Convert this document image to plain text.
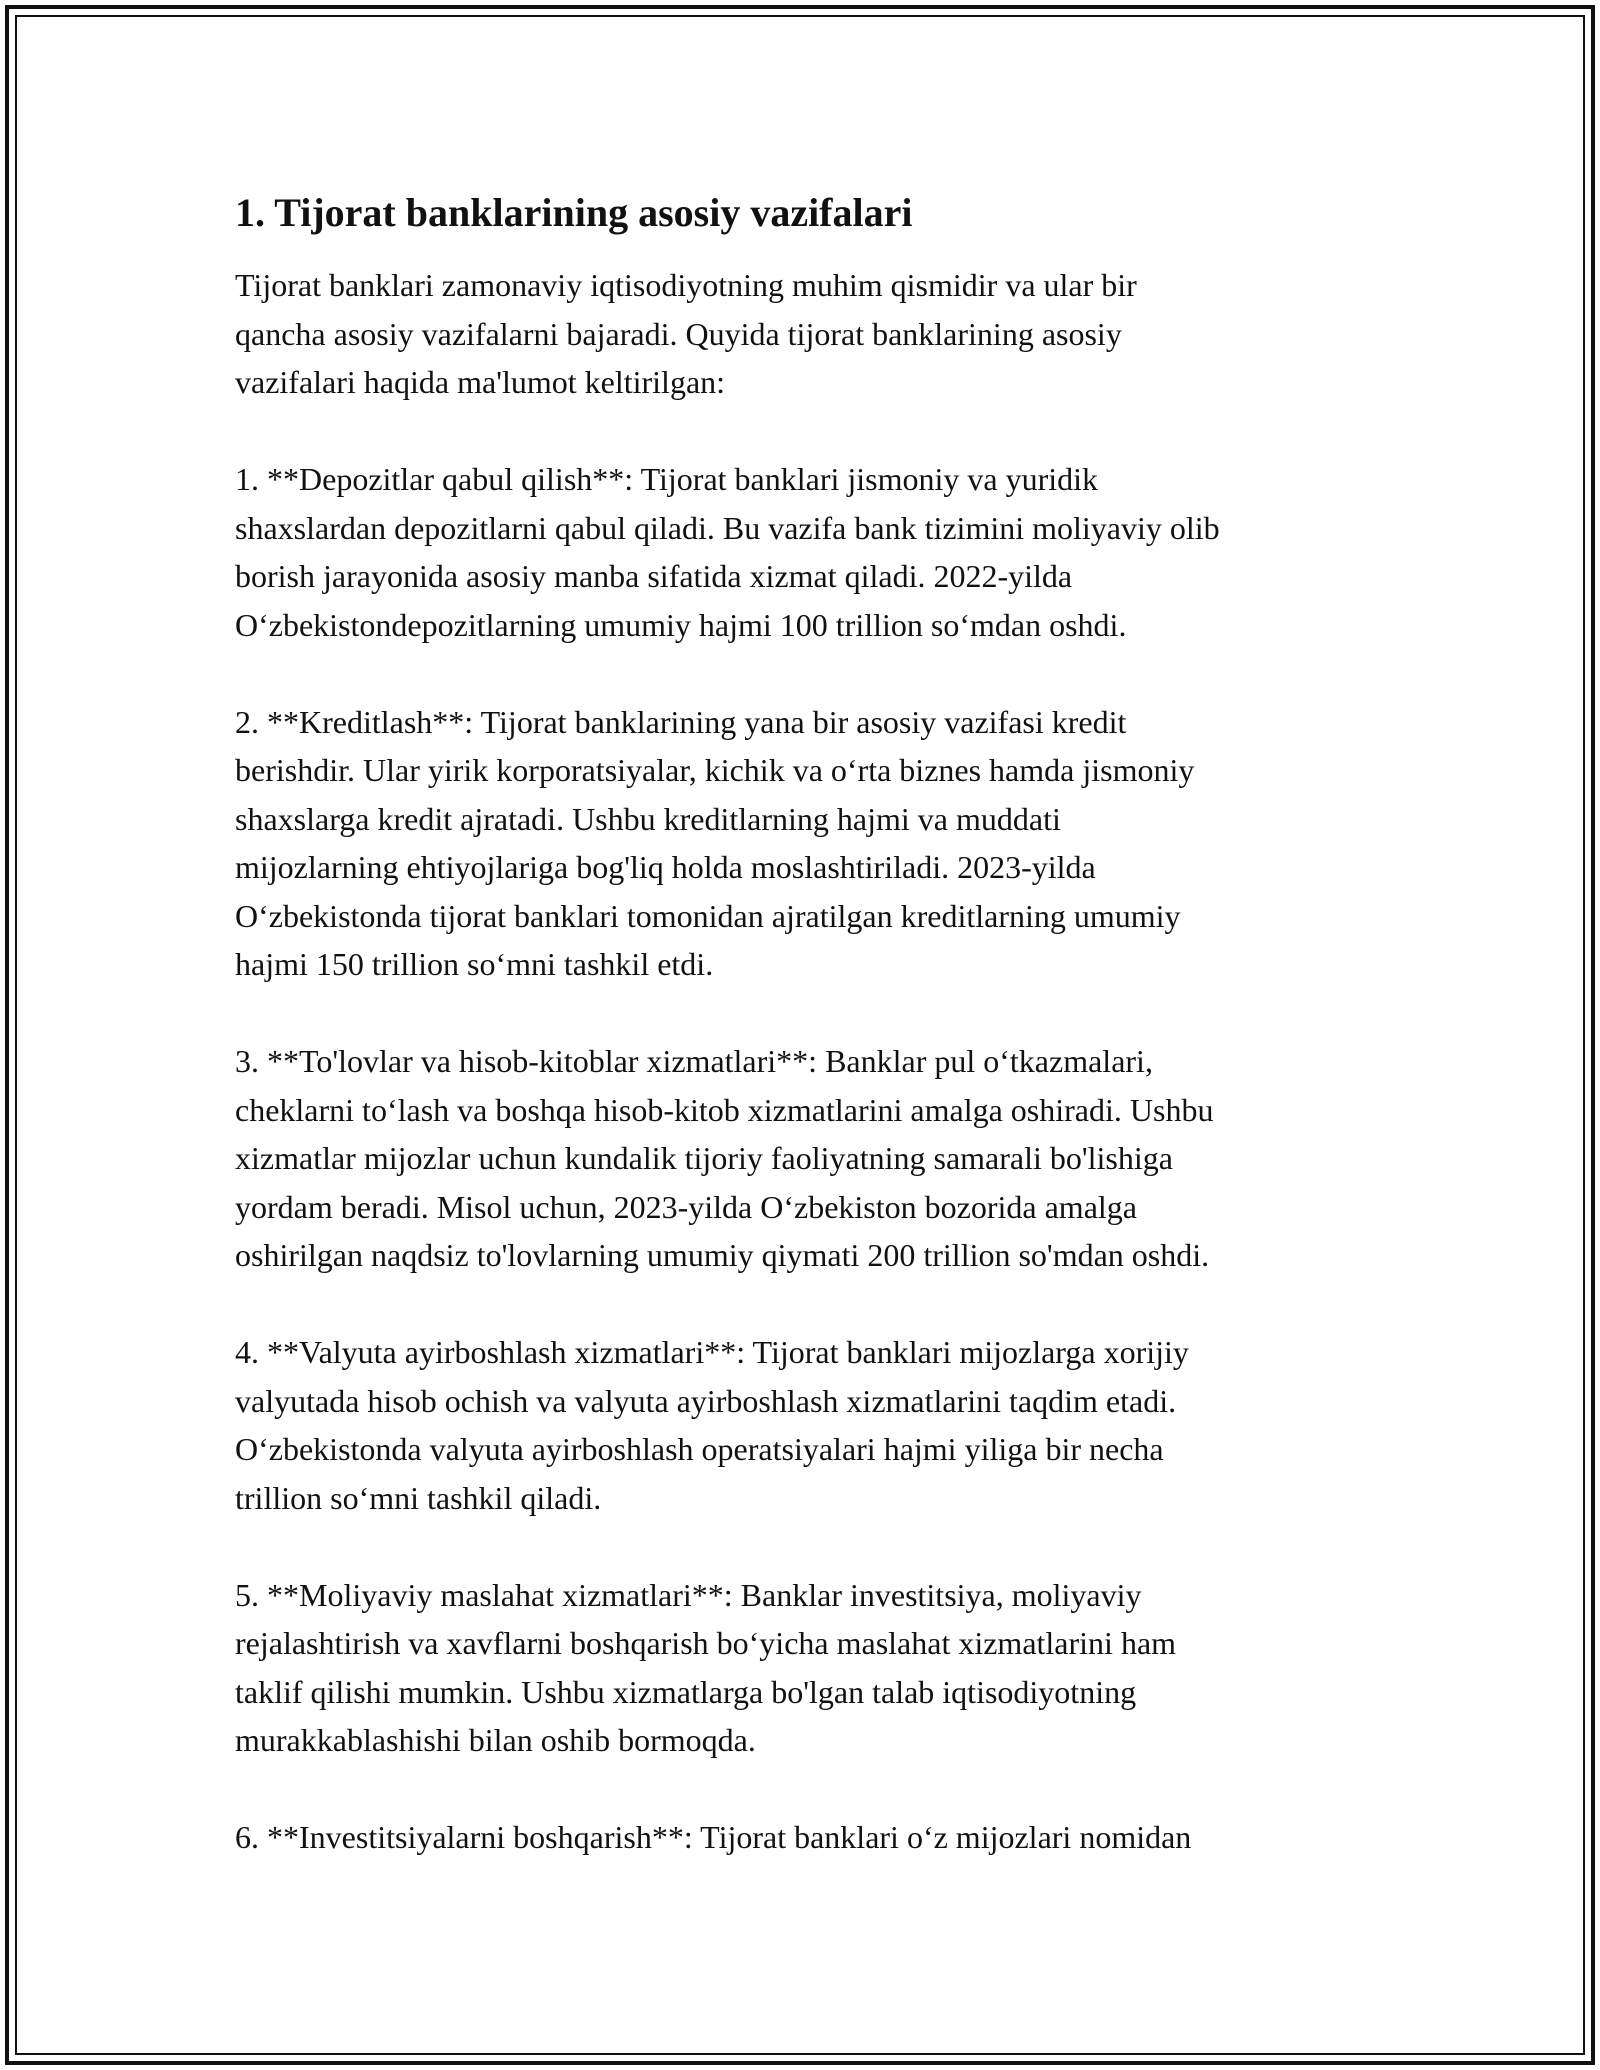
1. Tijorat banklarining asosiy vazifalari
Tijorat banklari zamonaviy iqtisodiyotning muhim qismidir va ular bir
qancha asosiy vazifalarni bajaradi. Quyida tijorat banklarining asosiy
vazifalari haqida ma'lumot keltirilgan:
1. **Depozitlar qabul qilish**: Tijorat banklari jismoniy va yuridik
shaxslardan depozitlarni qabul qiladi. Bu vazifa bank tizimini moliyaviy olib
borish jarayonida asosiy manba sifatida xizmat qiladi. 2022-yilda
O‘zbekistondepozitlarning umumiy hajmi 100 trillion so‘mdan oshdi.
2. **Kreditlash**: Tijorat banklarining yana bir asosiy vazifasi kredit
berishdir. Ular yirik korporatsiyalar, kichik va o‘rta biznes hamda jismoniy
shaxslarga kredit ajratadi. Ushbu kreditlarning hajmi va muddati
mijozlarning ehtiyojlariga bog'liq holda moslashtiriladi. 2023-yilda
O‘zbekistonda tijorat banklari tomonidan ajratilgan kreditlarning umumiy
hajmi 150 trillion so‘mni tashkil etdi.
3. **To'lovlar va hisob-kitoblar xizmatlari**: Banklar pul o‘tkazmalari,
cheklarni to‘lash va boshqa hisob-kitob xizmatlarini amalga oshiradi. Ushbu
xizmatlar mijozlar uchun kundalik tijoriy faoliyatning samarali bo'lishiga
yordam beradi. Misol uchun, 2023-yilda O‘zbekiston bozorida amalga
oshirilgan naqdsiz to'lovlarning umumiy qiymati 200 trillion so'mdan oshdi.
4. **Valyuta ayirboshlash xizmatlari**: Tijorat banklari mijozlarga xorijiy
valyutada hisob ochish va valyuta ayirboshlash xizmatlarini taqdim etadi.
O‘zbekistonda valyuta ayirboshlash operatsiyalari hajmi yiliga bir necha
trillion so‘mni tashkil qiladi.
5. **Moliyaviy maslahat xizmatlari**: Banklar investitsiya, moliyaviy
rejalashtirish va xavflarni boshqarish bo‘yicha maslahat xizmatlarini ham
taklif qilishi mumkin. Ushbu xizmatlarga bo'lgan talab iqtisodiyotning
murakkablashishi bilan oshib bormoqda.
6. **Investitsiyalarni boshqarish**: Tijorat banklari o‘z mijozlari nomidan
